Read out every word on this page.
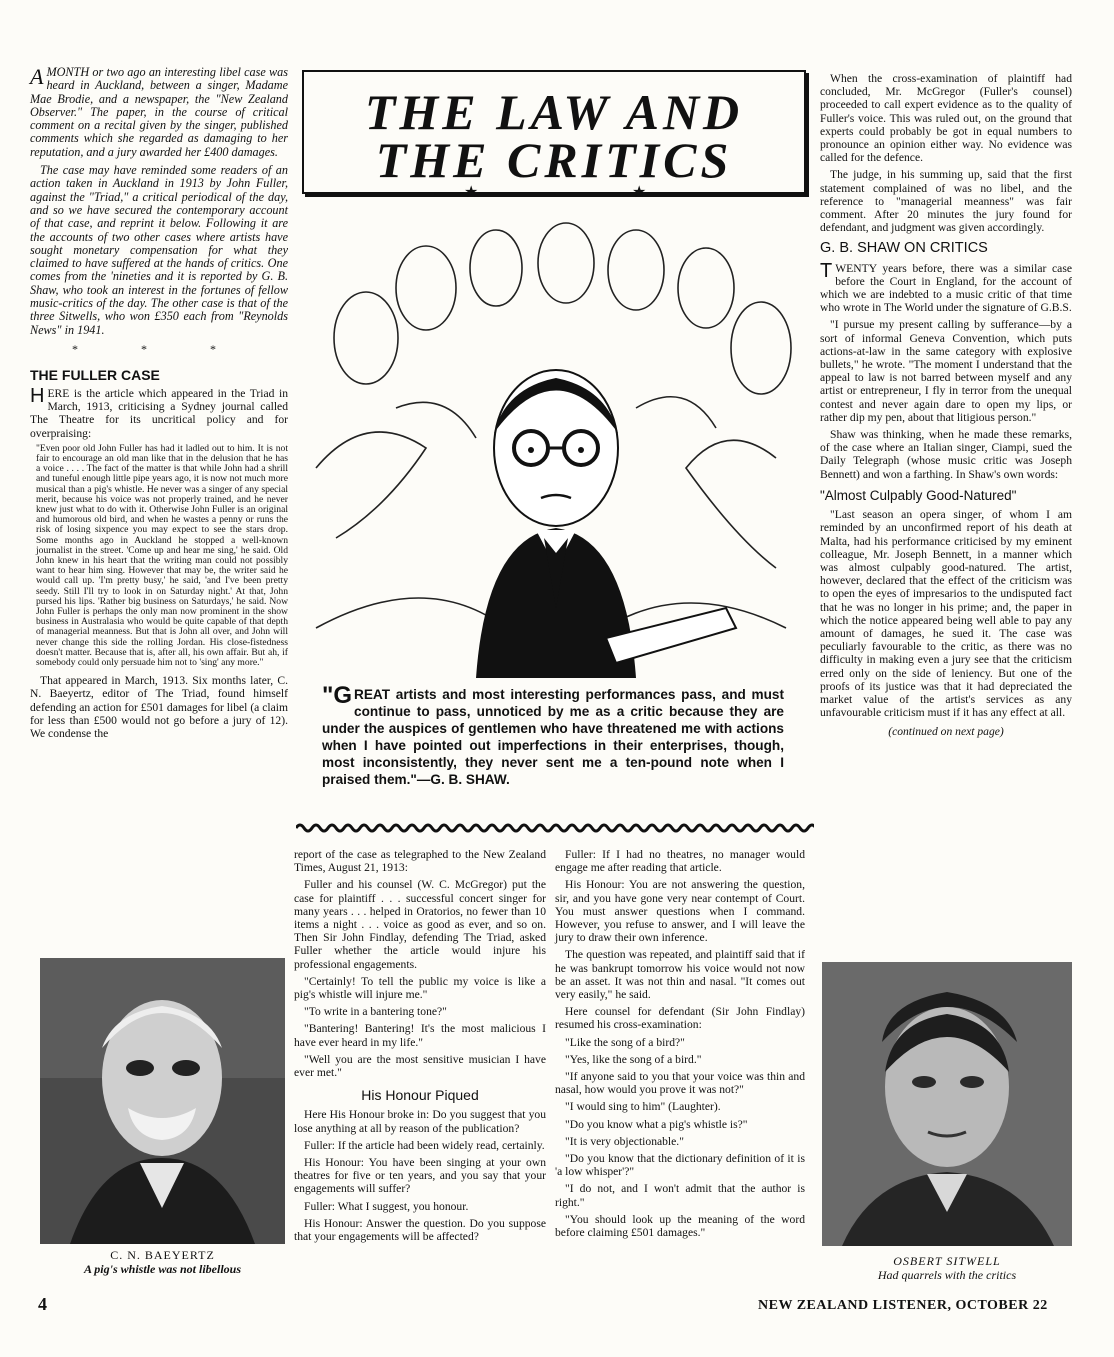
AMONTH or two ago an interesting libel case was heard in Auckland, between a singer, Madame Mae Brodie, and a newspaper, the "New Zealand Observer." The paper, in the course of critical comment on a recital given by the singer, published comments which she regarded as damaging to her reputation, and a jury awarded her £400 damages.

The case may have reminded some readers of an action taken in Auckland in 1913 by John Fuller, against the "Triad," a critical periodical of the day, and so we have secured the contemporary account of that case, and reprint it below. Following it are the accounts of two other cases where artists have sought monetary compensation for what they claimed to have suffered at the hands of critics. One comes from the 'nineties and it is reported by G. B. Shaw, who took an interest in the fortunes of fellow music-critics of the day. The other case is that of the three Sitwells, who won £350 each from "Reynolds News" in 1941.

* * *
THE FULLER CASE

HERE is the article which appeared in the Triad in March, 1913, criticising a Sydney journal called The Theatre for its uncritical policy and for overpraising:

"Even poor old John Fuller has had it ladled out to him. It is not fair to encourage an old man like that in the delusion that he has a voice . . . . The fact of the matter is that while John had a shrill and tuneful enough little pipe years ago, it is now not much more musical than a pig's whistle. He never was a singer of any special merit, because his voice was not properly trained, and he never knew just what to do with it. Otherwise John Fuller is an original and humorous old bird, and when he wastes a penny or runs the risk of losing sixpence you may expect to see the stars drop. Some months ago in Auckland he stopped a well-known journalist in the street. 'Come up and hear me sing,' he said. Old John knew in his heart that the writing man could not possibly want to hear him sing. However that may be, the writer said he would call up. 'I'm pretty busy,' he said, 'and I've been pretty seedy. Still I'll try to look in on Saturday night.' At that, John pursed his lips. 'Rather big business on Saturdays,' he said. Now John Fuller is perhaps the only man now prominent in the show business in Australasia who would be quite capable of that depth of managerial meanness. But that is John all over, and John will never change this side the rolling Jordan. His close-fistedness doesn't matter. Because that is, after all, his own affair. But ah, if somebody could only persuade him not to 'sing' any more."

That appeared in March, 1913. Six months later, C. N. Baeyertz, editor of The Triad, found himself defending an action for £501 damages for libel (a claim for less than £500 would not go before a jury of 12). We condense the

C. N. BAEYERTZ
A pig's whistle was not libellous
THE LAW AND
THE CRITICS
★	★
"GREAT artists and most interesting performances pass, and must continue to pass, unnoticed by me as a critic because they are under the auspices of gentlemen who have threatened me with actions when I have pointed out imperfections in their enterprises, though, most inconsistently, they never sent me a ten-pound note when I praised them."—G. B. SHAW.

report of the case as telegraphed to the New Zealand Times, August 21, 1913:

Fuller and his counsel (W. C. McGregor) put the case for plaintiff . . . successful concert singer for many years . . . helped in Oratorios, no fewer than 10 items a night . . . voice as good as ever, and so on. Then Sir John Findlay, defending The Triad, asked Fuller whether the article would injure his professional engagements.

"Certainly! To tell the public my voice is like a pig's whistle will injure me."

"To write in a bantering tone?"

"Bantering! Bantering! It's the most malicious I have ever heard in my life."

"Well you are the most sensitive musician I have ever met."

His Honour Piqued

Here His Honour broke in: Do you suggest that you lose anything at all by reason of the publication?

Fuller: If the article had been widely read, certainly.

His Honour: You have been singing at your own theatres for five or ten years, and you say that your engagements will suffer?

Fuller: What I suggest, you honour.

His Honour: Answer the question. Do you suppose that your engagements will be affected?

Fuller: If I had no theatres, no manager would engage me after reading that article.

His Honour: You are not answering the question, sir, and you have gone very near contempt of Court. You must answer questions when I command. However, you refuse to answer, and I will leave the jury to draw their own inference.

The question was repeated, and plaintiff said that if he was bankrupt tomorrow his voice would not now be an asset. It was not thin and nasal. "It comes out very easily," he said.

Here counsel for defendant (Sir John Findlay) resumed his cross-examination:

"Like the song of a bird?"

"Yes, like the song of a bird."

"If anyone said to you that your voice was thin and nasal, how would you prove it was not?"

"I would sing to him" (Laughter).

"Do you know what a pig's whistle is?"

"It is very objectionable."

"Do you know that the dictionary definition of it is 'a low whisper'?"

"I do not, and I won't admit that the author is right."

"You should look up the meaning of the word before claiming £501 damages."

When the cross-examination of plaintiff had concluded, Mr. McGregor (Fuller's counsel) proceeded to call expert evidence as to the quality of Fuller's voice. This was ruled out, on the ground that experts could probably be got in equal numbers to pronounce an opinion either way. No evidence was called for the defence.

The judge, in his summing up, said that the first statement complained of was no libel, and the reference to "managerial meanness" was fair comment. After 20 minutes the jury found for defendant, and judgment was given accordingly.

G. B. SHAW ON CRITICS

TWENTY years before, there was a similar case before the Court in England, for the account of which we are indebted to a music critic of that time who wrote in The World under the signature of G.B.S.

"I pursue my present calling by sufferance—by a sort of informal Geneva Convention, which puts actions-at-law in the same category with explosive bullets," he wrote. "The moment I understand that the appeal to law is not barred between myself and any artist or entrepreneur, I fly in terror from the unequal contest and never again dare to open my lips, or rather dip my pen, about that litigious person."

Shaw was thinking, when he made these remarks, of the case where an Italian singer, Ciampi, sued the Daily Telegraph (whose music critic was Joseph Bennett) and won a farthing. In Shaw's own words:

"Almost Culpably Good-Natured"

"Last season an opera singer, of whom I am reminded by an unconfirmed report of his death at Malta, had his performance criticised by my eminent colleague, Mr. Joseph Bennett, in a manner which was almost culpably good-natured. The artist, however, declared that the effect of the criticism was to open the eyes of impresarios to the undisputed fact that he was no longer in his prime; and, the paper in which the notice appeared being well able to pay any amount of damages, he sued it. The case was peculiarly favourable to the critic, as there was no difficulty in making even a jury see that the criticism erred only on the side of leniency. But one of the proofs of its justice was that it had depreciated the market value of the artist's services as any unfavourable criticism must if it has any effect at all.

(continued on next page)
OSBERT SITWELL
Had quarrels with the critics
4	NEW ZEALAND LISTENER, OCTOBER 22
